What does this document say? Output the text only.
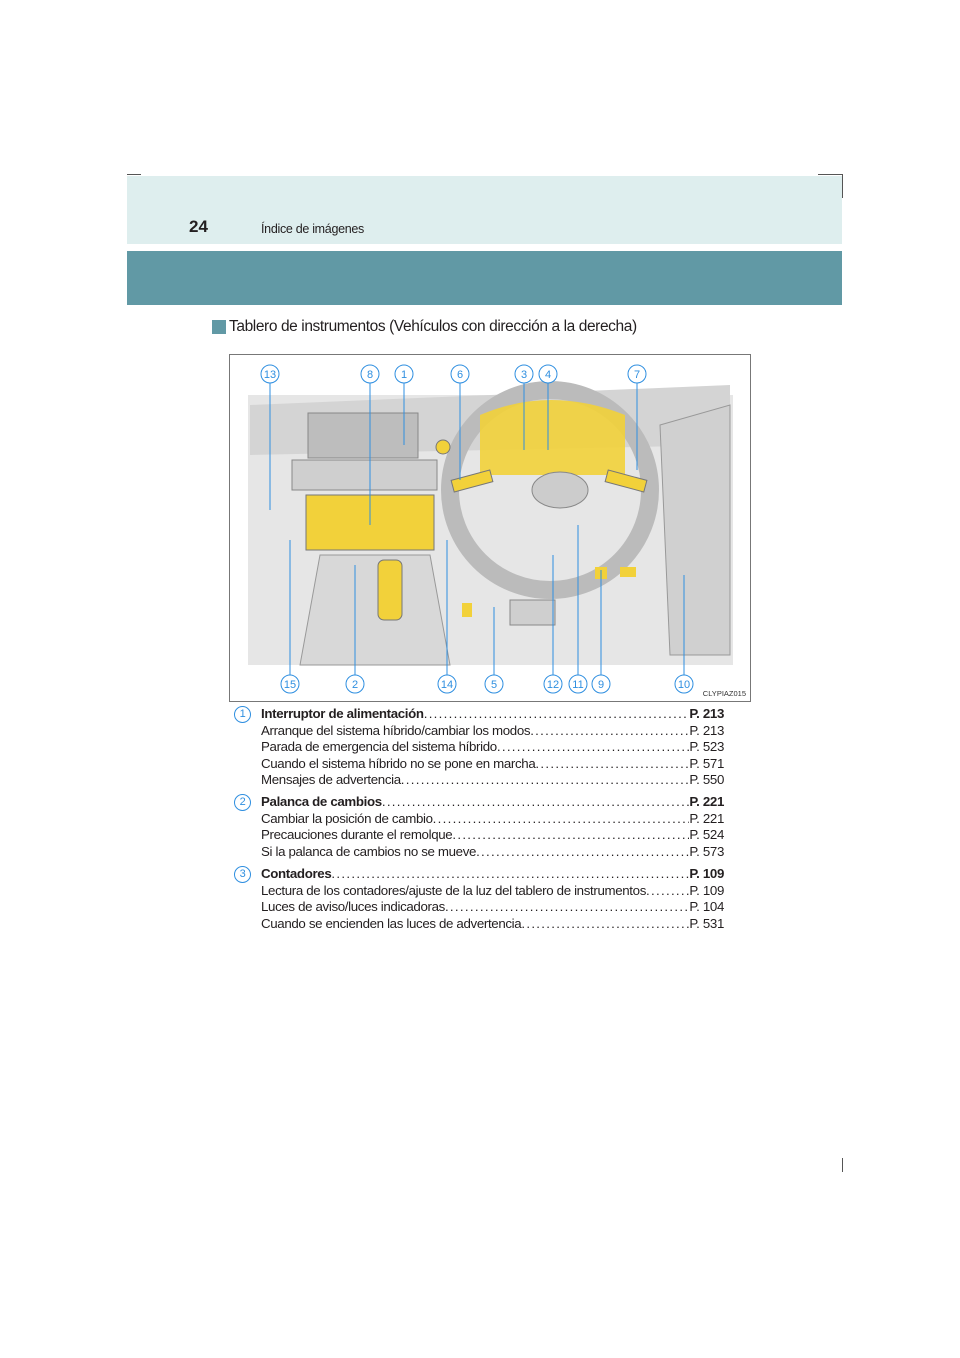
24	Índice de imágenes
Tablero de instrumentos (Vehículos con dirección a la derecha)
13	8	1	6	3 4	7
15	2	14	5	12 11 9	10
CLYPIAZ015
1	Interruptor de alimentación . . .	P. 213
Arranque del sistema híbrido/cambiar los modos . . .	P. 213
Parada de emergencia del sistema híbrido . . .	P. 523
Cuando el sistema híbrido no se pone en marcha . . .	P. 571
Mensajes de advertencia . . .	P. 550
2	Palanca de cambios . . .	P. 221
Cambiar la posición de cambio . . .	P. 221
Precauciones durante el remolque . . .	P. 524
Si la palanca de cambios no se mueve . . .	P. 573
3	Contadores . . .	P. 109
Lectura de los contadores/ajuste de la luz del tablero de instrumentos . . .	P. 109
Luces de aviso/luces indicadoras . . .	P. 104
Cuando se encienden las luces de advertencia . . .	P. 531
